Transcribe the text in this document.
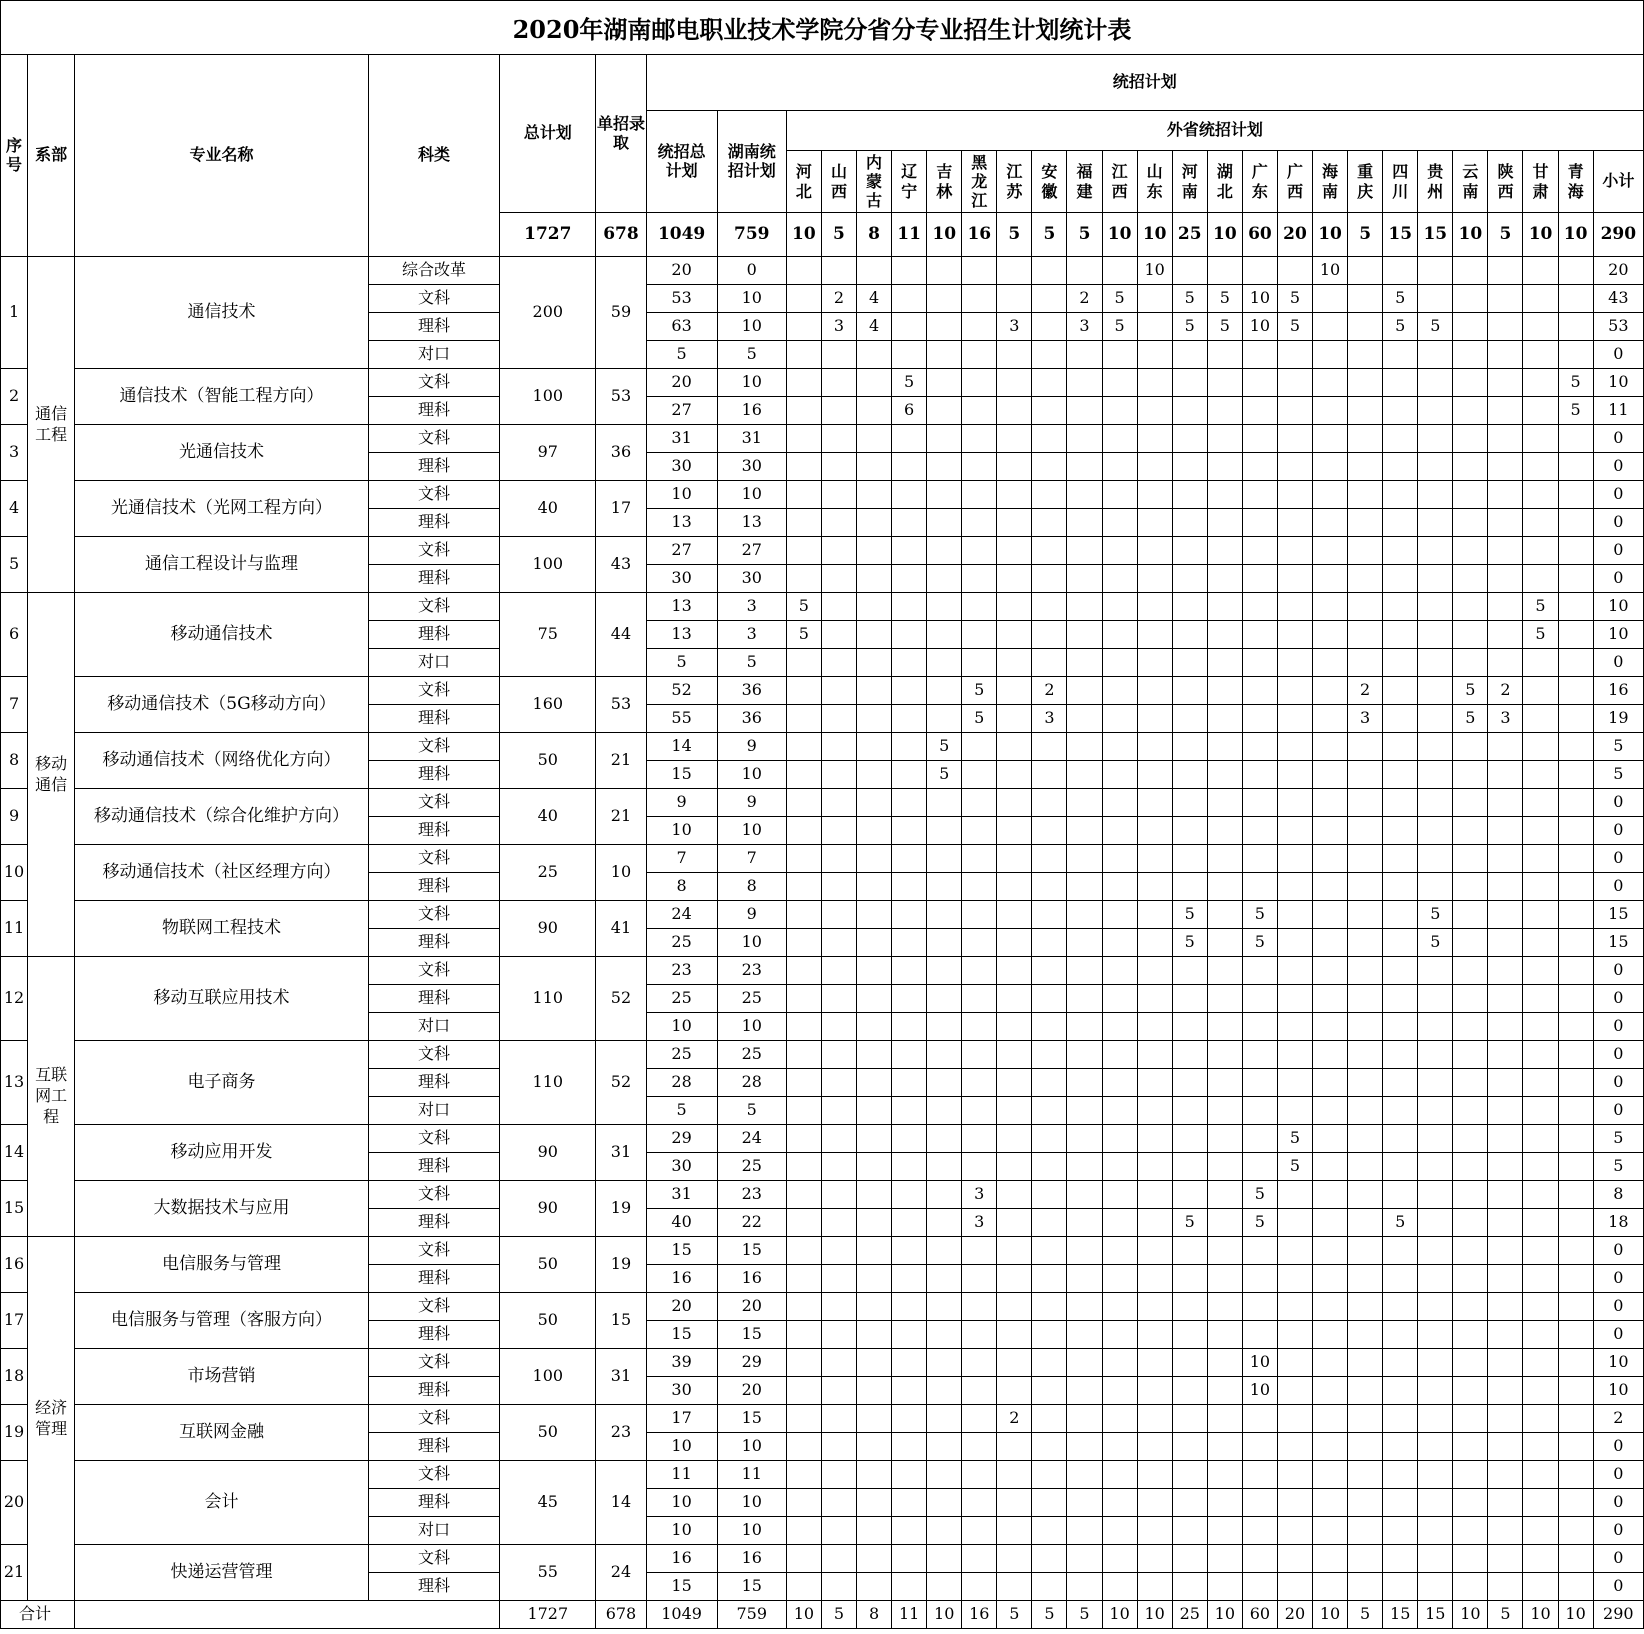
2020年湖南邮电职业技术学院分省分专业招生计划统计表
序号	系部	专业名称	科类	总计划	单招录取	统招计划																									
						统招总计划	湖南统招计划	外省统招计划																							
								河北	山西	内蒙古	辽宁	吉林	黑龙江	江苏	安徽	福建	江西	山东	河南	湖北	广东	广西	海南	重庆	四川	贵州	云南	陕西	甘肃	青海	小计
				1727	678	1049	759	10	5	8	11	10	16	5	5	5	10	10	25	10	60	20	10	5	15	15	10	5	10	10	290
1	通信工程	通信技术	综合改革	200	59	20	0											10					10								20
			文科			53	10		2	4						2	5		5	5	10	5			5						43
			理科			63	10		3	4				3		3	5		5	5	10	5			5	5					53
			对口			5	5																								0
2		通信技术（智能工程方向）	文科	100	53	20	10				5																			5	10
			理科			27	16				6																			5	11
3		光通信技术	文科	97	36	31	31																								0
			理科			30	30																								0
4		光通信技术（光网工程方向）	文科	40	17	10	10																								0
			理科			13	13																								0
5		通信工程设计与监理	文科	100	43	27	27																								0
			理科			30	30																								0
6	移动通信	移动通信技术	文科	75	44	13	3	5																					5		10
			理科			13	3	5																					5		10
			对口			5	5																								0
7		移动通信技术（5G移动方向）	文科	160	53	52	36						5		2									2			5	2			16
			理科			55	36						5		3									3			5	3			19
8		移动通信技术（网络优化方向）	文科	50	21	14	9					5																			5
			理科			15	10					5																			5
9		移动通信技术（综合化维护方向）	文科	40	21	9	9																								0
			理科			10	10																								0
10		移动通信技术（社区经理方向）	文科	25	10	7	7																								0
			理科			8	8																								0
11		物联网工程技术	文科	90	41	24	9												5		5					5					15
			理科			25	10												5		5					5					15
12	互联网工程	移动互联应用技术	文科	110	52	23	23																								0
			理科			25	25																								0
			对口			10	10																								0
13		电子商务	文科	110	52	25	25																								0
			理科			28	28																								0
			对口			5	5																								0
14		移动应用开发	文科	90	31	29	24															5									5
			理科			30	25															5									5
15		大数据技术与应用	文科	90	19	31	23						3								5										8
			理科			40	22						3						5		5				5						18
16	经济管理	电信服务与管理	文科	50	19	15	15																								0
			理科			16	16																								0
17		电信服务与管理（客服方向）	文科	50	15	20	20																								0
			理科			15	15																								0
18		市场营销	文科	100	31	39	29														10										10
			理科			30	20														10										10
19		互联网金融	文科	50	23	17	15							2																	2
			理科			10	10																								0
20		会计	文科	45	14	11	11																								0
			理科			10	10																								0
			对口			10	10																								0
21		快递运营管理	文科	55	24	16	16																								0
			理科			15	15																								0
合计				1727	678	1049	759	10	5	8	11	10	16	5	5	5	10	10	25	10	60	20	10	5	15	15	10	5	10	10	290
